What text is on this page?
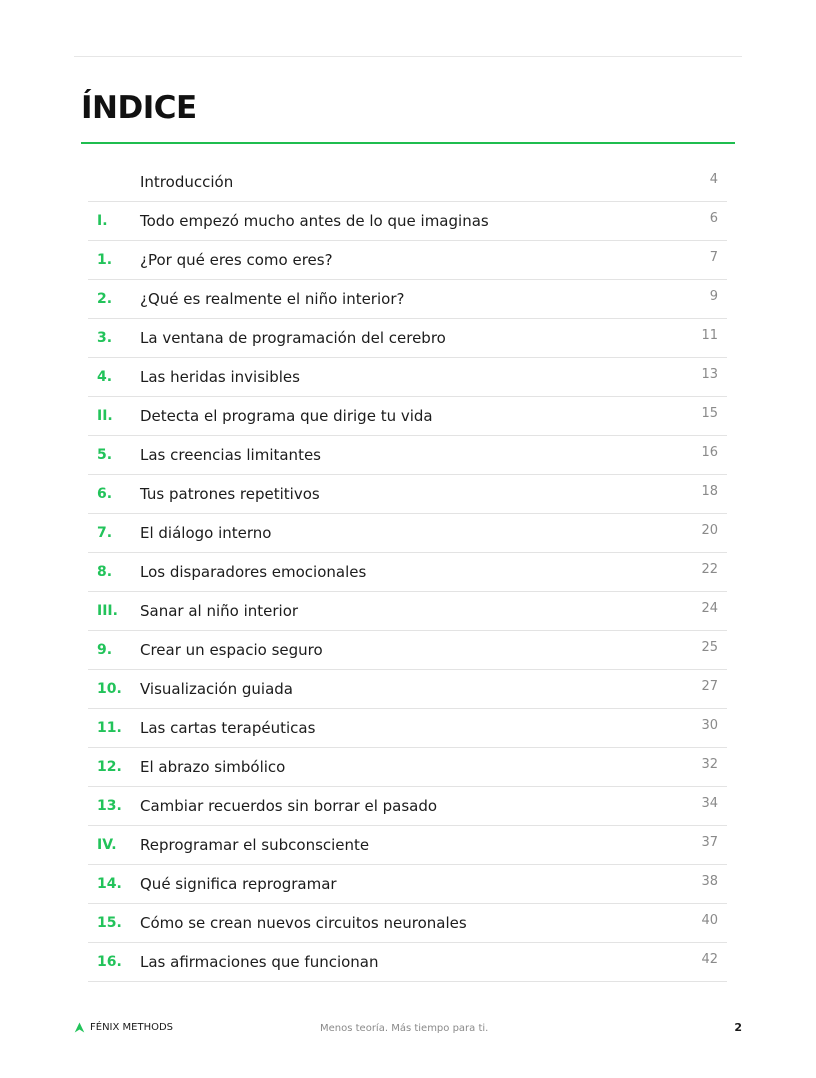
ÍNDICE
Introducción	4
I. Todo empezó mucho antes de lo que imaginas	6
1. ¿Por qué eres como eres?	7
2. ¿Qué es realmente el niño interior?	9
3. La ventana de programación del cerebro	11
4. Las heridas invisibles	13
II. Detecta el programa que dirige tu vida	15
5. Las creencias limitantes	16
6. Tus patrones repetitivos	18
7. El diálogo interno	20
8. Los disparadores emocionales	22
III. Sanar al niño interior	24
9. Crear un espacio seguro	25
10. Visualización guiada	27
11. Las cartas terapéuticas	30
12. El abrazo simbólico	32
13. Cambiar recuerdos sin borrar el pasado	34
IV. Reprogramar el subconsciente	37
14. Qué significa reprogramar	38
15. Cómo se crean nuevos circuitos neuronales	40
16. Las afirmaciones que funcionan	42
FÉNIX METHODS	Menos teoría. Más tiempo para ti.	2
